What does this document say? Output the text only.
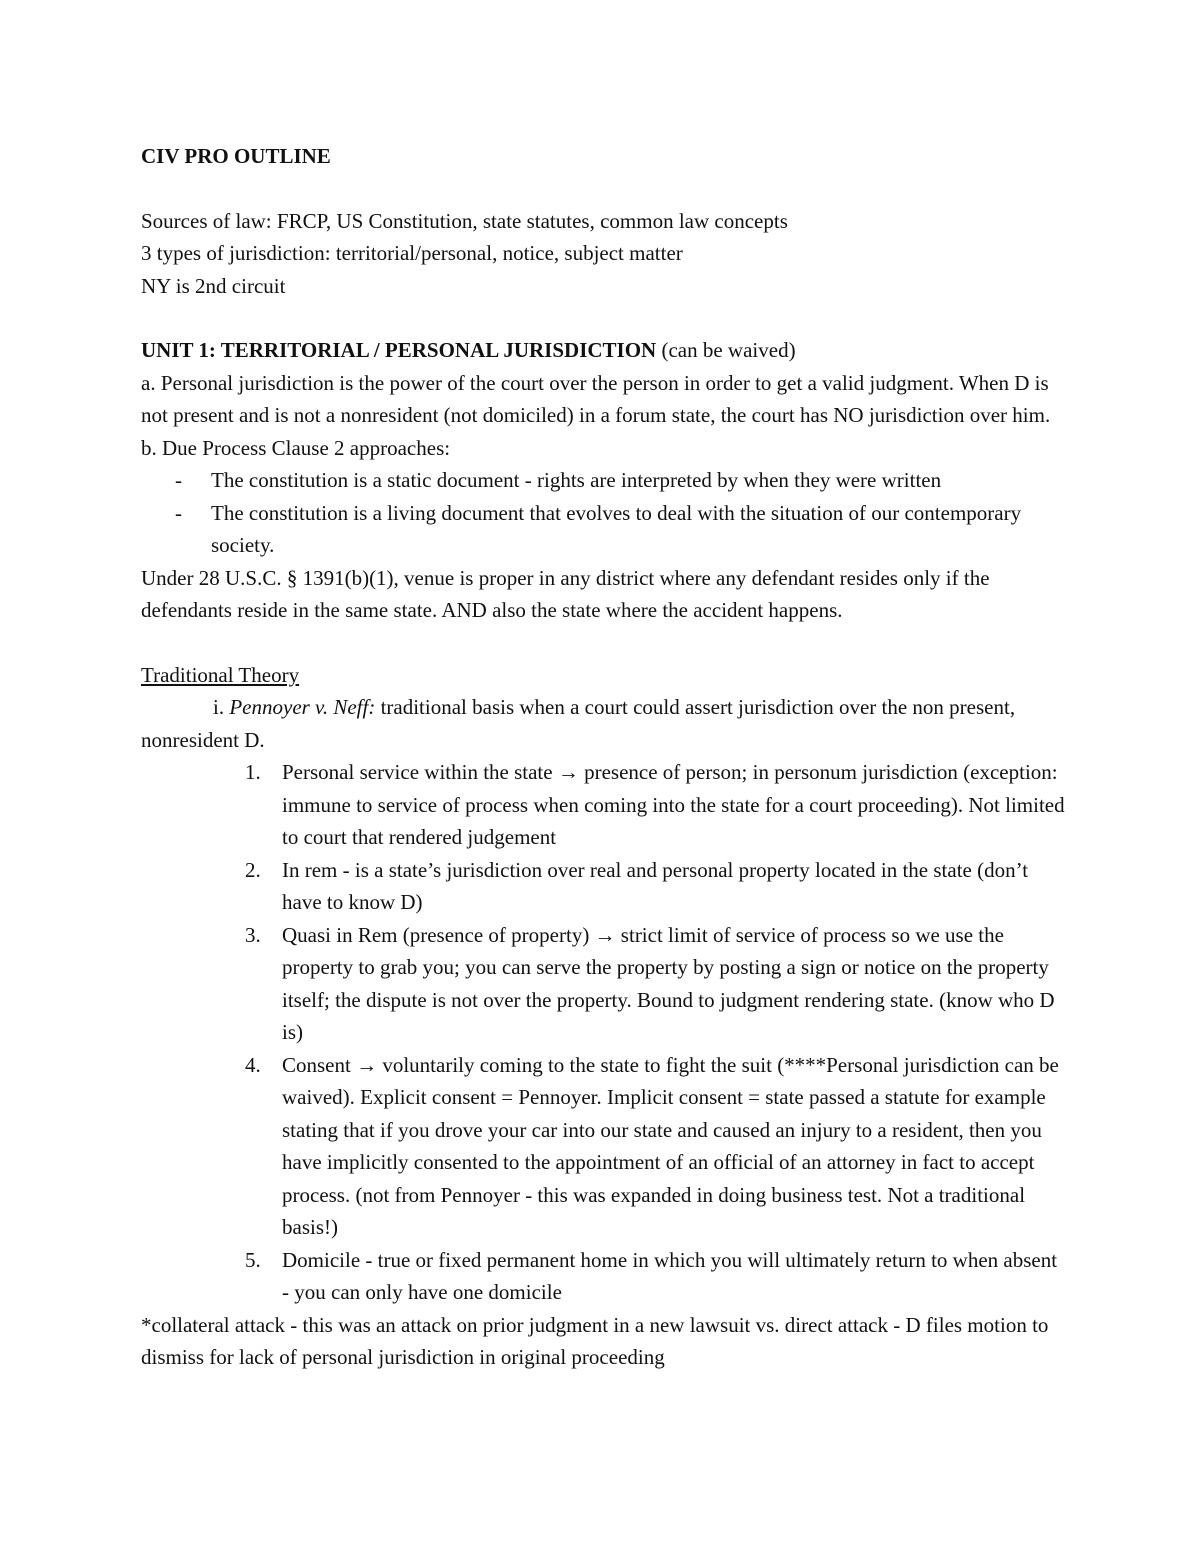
CIV PRO OUTLINE

Sources of law: FRCP, US Constitution, state statutes, common law concepts

3 types of jurisdiction: territorial/personal, notice, subject matter

NY is 2nd circuit

UNIT 1: TERRITORIAL / PERSONAL JURISDICTION (can be waived)

a. Personal jurisdiction is the power of the court over the person in order to get a valid judgment. When D is not present and is not a nonresident (not domiciled) in a forum state, the court has NO jurisdiction over him.

b. Due Process Clause 2 approaches:

- The constitution is a static document - rights are interpreted by when they were written
- The constitution is a living document that evolves to deal with the situation of our contemporary society.

Under 28 U.S.C. § 1391(b)(1), venue is proper in any district where any defendant resides only if the defendants reside in the same state. AND also the state where the accident happens.

Traditional Theory

i. Pennoyer v. Neff: traditional basis when a court could assert jurisdiction over the non present, nonresident D.

1. Personal service within the state → presence of person; in personum jurisdiction (exception: immune to service of process when coming into the state for a court proceeding). Not limited to court that rendered judgement
2. In rem - is a state’s jurisdiction over real and personal property located in the state (don’t have to know D)
3. Quasi in Rem (presence of property) → strict limit of service of process so we use the property to grab you; you can serve the property by posting a sign or notice on the property itself; the dispute is not over the property. Bound to judgment rendering state. (know who D is)
4. Consent → voluntarily coming to the state to fight the suit (****Personal jurisdiction can be waived). Explicit consent = Pennoyer. Implicit consent = state passed a statute for example stating that if you drove your car into our state and caused an injury to a resident, then you have implicitly consented to the appointment of an official of an attorney in fact to accept process. (not from Pennoyer - this was expanded in doing business test. Not a traditional basis!)
5. Domicile - true or fixed permanent home in which you will ultimately return to when absent - you can only have one domicile

*collateral attack - this was an attack on prior judgment in a new lawsuit vs. direct attack - D files motion to dismiss for lack of personal jurisdiction in original proceeding
